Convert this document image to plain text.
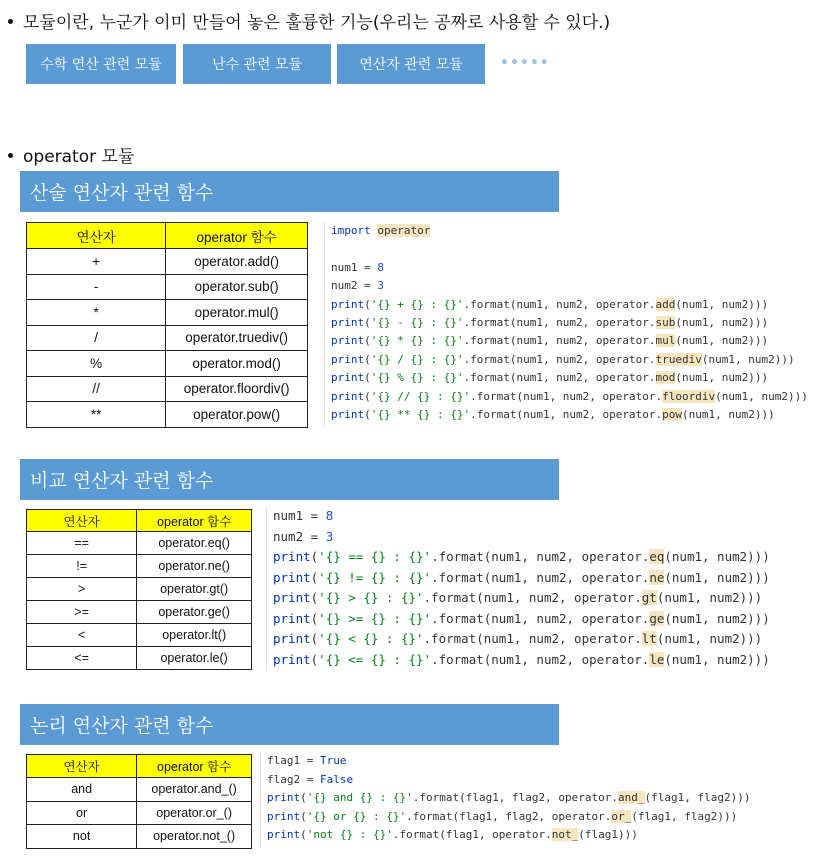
모듈이란, 누군가 이미 만들어 놓은 훌륭한 기능(우리는 공짜로 사용할 수 있다.)
수학 연산 관련 모듈	난수 관련 모듈	연산자 관련 모듈	•••••
operator 모듈
산술 연산자 관련 함수
연산자	operator 함수
+	operator.add()
-	operator.sub()
*	operator.mul()
/	operator.truediv()
%	operator.mod()
//	operator.floordiv()
**	operator.pow()
import operator

num1 = 8
num2 = 3
print('{} + {} : {}'.format(num1, num2, operator.add(num1, num2)))
print('{} - {} : {}'.format(num1, num2, operator.sub(num1, num2)))
print('{} * {} : {}'.format(num1, num2, operator.mul(num1, num2)))
print('{} / {} : {}'.format(num1, num2, operator.truediv(num1, num2)))
print('{} % {} : {}'.format(num1, num2, operator.mod(num1, num2)))
print('{} // {} : {}'.format(num1, num2, operator.floordiv(num1, num2)))
print('{} ** {} : {}'.format(num1, num2, operator.pow(num1, num2)))
비교 연산자 관련 함수
연산자	operator 함수
==	operator.eq()
!=	operator.ne()
>	operator.gt()
>=	operator.ge()
<	operator.lt()
<=	operator.le()
num1 = 8
num2 = 3
print('{} == {} : {}'.format(num1, num2, operator.eq(num1, num2)))
print('{} != {} : {}'.format(num1, num2, operator.ne(num1, num2)))
print('{} > {} : {}'.format(num1, num2, operator.gt(num1, num2)))
print('{} >= {} : {}'.format(num1, num2, operator.ge(num1, num2)))
print('{} < {} : {}'.format(num1, num2, operator.lt(num1, num2)))
print('{} <= {} : {}'.format(num1, num2, operator.le(num1, num2)))
논리 연산자 관련 함수
연산자	operator 함수
and	operator.and_()
or	operator.or_()
not	operator.not_()
flag1 = True
flag2 = False
print('{} and {} : {}'.format(flag1, flag2, operator.and_(flag1, flag2)))
print('{} or {} : {}'.format(flag1, flag2, operator.or_(flag1, flag2)))
print('not {} : {}'.format(flag1, operator.not_(flag1)))
